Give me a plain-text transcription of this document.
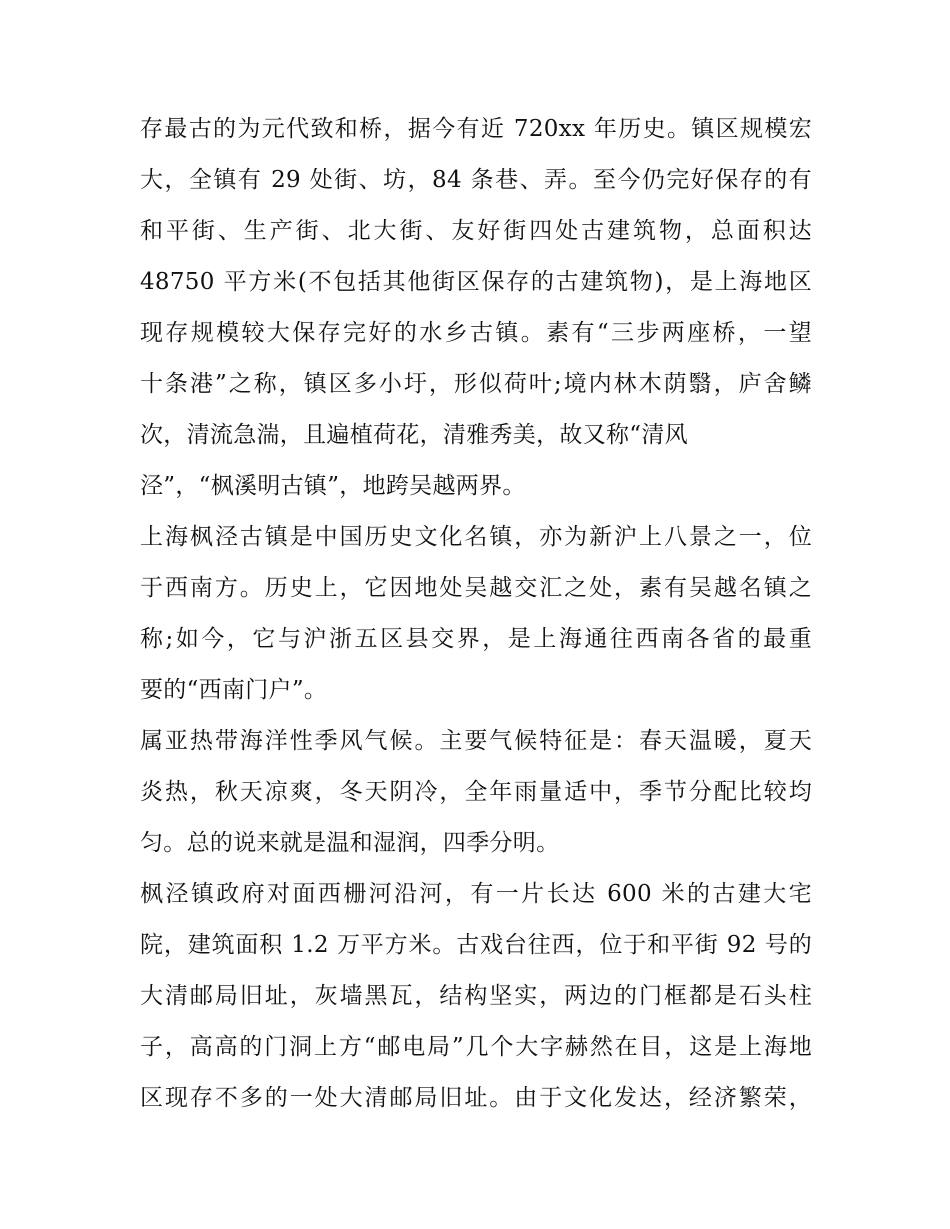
存最古的为元代致和桥，据今有近 720xx 年历史。镇区规模宏
大，全镇有 29 处街、坊，84 条巷、弄。至今仍完好保存的有
和平街、生产街、北大街、友好街四处古建筑物，总面积达
48750 平方米(不包括其他街区保存的古建筑物)，是上海地区
现存规模较大保存完好的水乡古镇。素有“三步两座桥，一望
十条港”之称，镇区多小圩，形似荷叶;境内林木荫翳，庐舍鳞
次，清流急湍，且遍植荷花，清雅秀美，故又称“清风
泾”，“枫溪明古镇”，地跨吴越两界。
上海枫泾古镇是中国历史文化名镇，亦为新沪上八景之一，位
于西南方。历史上，它因地处吴越交汇之处，素有吴越名镇之
称;如今，它与沪浙五区县交界，是上海通往西南各省的最重
要的“西南门户”。
属亚热带海洋性季风气候。主要气候特征是：春天温暖，夏天
炎热，秋天凉爽，冬天阴冷，全年雨量适中，季节分配比较均
匀。总的说来就是温和湿润，四季分明。
枫泾镇政府对面西栅河沿河，有一片长达 600 米的古建大宅
院，建筑面积 1.2 万平方米。古戏台往西，位于和平街 92 号的
大清邮局旧址，灰墙黑瓦，结构坚实，两边的门框都是石头柱
子，高高的门洞上方“邮电局”几个大字赫然在目，这是上海地
区现存不多的一处大清邮局旧址。由于文化发达，经济繁荣，
